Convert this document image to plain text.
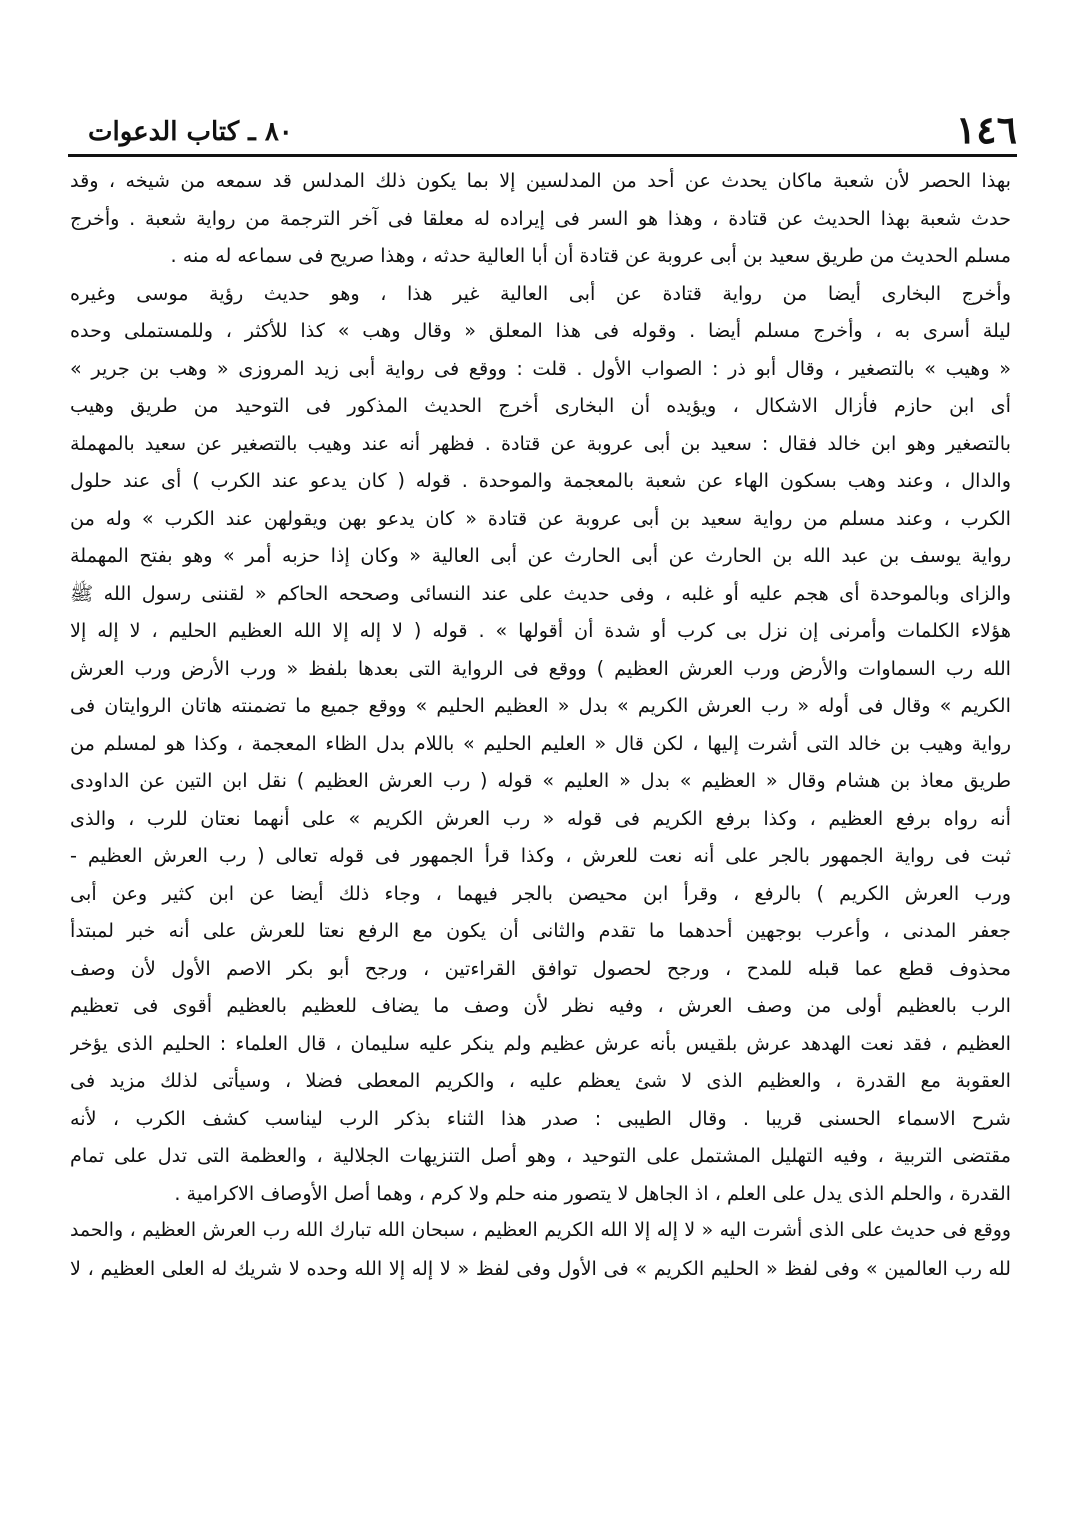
١٤٦
٨٠ ـ كتاب الدعوات
بهذا الحصر لأن شعبة ماكان يحدث عن أحد من المدلسين إلا بما يكون ذلك المدلس قد سمعه من شيخه ، وقد
حدث شعبة بهذا الحديث عن قتادة ، وهذا هو السر فى إيراده له معلقا فى آخر الترجمة من رواية شعبة . وأخرج
مسلم الحديث من طريق سعيد بن أبى عروبة عن قتادة أن أبا العالية حدثه ، وهذا صريح فى سماعه له منه .
وأخرج البخارى أيضا من رواية قتادة عن أبى العالية غير هذا ، وهو حديث رؤية موسى وغيره
ليلة أسرى به ، وأخرج مسلم أيضا . وقوله فى هذا المعلق « وقال وهب » كذا للأكثر ، وللمستملى وحده
« وهيب » بالتصغير ، وقال أبو ذر : الصواب الأول . قلت : ووقع فى رواية أبى زيد المروزى « وهب بن جرير »
أى ابن حازم فأزال الاشكال ، ويؤيده أن البخارى أخرج الحديث المذكور فى التوحيد من طريق وهيب
بالتصغير وهو ابن خالد فقال : سعيد بن أبى عروبة عن قتادة . فظهر أنه عند وهيب بالتصغير عن سعيد بالمهملة
والدال ، وعند وهب بسكون الهاء عن شعبة بالمعجمة والموحدة . قوله ( كان يدعو عند الكرب ) أى عند حلول
الكرب ، وعند مسلم من رواية سعيد بن أبى عروبة عن قتادة « كان يدعو بهن ويقولهن عند الكرب » وله من
رواية يوسف بن عبد الله بن الحارث عن أبى الحارث عن أبى العالية « وكان إذا حزبه أمر » وهو بفتح المهملة
والزاى وبالموحدة أى هجم عليه أو غلبه ، وفى حديث على عند النسائى وصححه الحاكم « لقننى رسول الله ﷺ
هؤلاء الكلمات وأمرنى إن نزل بى كرب أو شدة أن أقولها » . قوله ( لا إله إلا الله العظيم الحليم ، لا إله إلا
الله رب السماوات والأرض ورب العرش العظيم ) ووقع فى الرواية التى بعدها بلفظ « ورب الأرض ورب العرش
الكريم » وقال فى أوله « رب العرش الكريم » بدل « العظيم الحليم » ووقع جميع ما تضمنته هاتان الروايتان فى
رواية وهيب بن خالد التى أشرت إليها ، لكن قال « العليم الحليم » باللام بدل الظاء المعجمة ، وكذا هو لمسلم من
طريق معاذ بن هشام وقال « العظيم » بدل « العليم » قوله ( رب العرش العظيم ) نقل ابن التين عن الداودى
أنه رواه برفع العظيم ، وكذا برفع الكريم فى قوله « رب العرش الكريم » على أنهما نعتان للرب ، والذى
ثبت فى رواية الجمهور بالجر على أنه نعت للعرش ، وكذا قرأ الجمهور فى قوله تعالى ( رب العرش العظيم -
ورب العرش الكريم ) بالرفع ، وقرأ ابن محيصن بالجر فيهما ، وجاء ذلك أيضا عن ابن كثير وعن أبى
جعفر المدنى ، وأعرب بوجهين أحدهما ما تقدم والثانى أن يكون مع الرفع نعتا للعرش على أنه خبر لمبتدأ
محذوف قطع عما قبله للمدح ، ورجح لحصول توافق القراءتين ، ورجح أبو بكر الاصم الأول لأن وصف
الرب بالعظيم أولى من وصف العرش ، وفيه نظر لأن وصف ما يضاف للعظيم بالعظيم أقوى فى تعظيم
العظيم ، فقد نعت الهدهد عرش بلقيس بأنه عرش عظيم ولم ينكر عليه سليمان ، قال العلماء : الحليم الذى يؤخر
العقوبة مع القدرة ، والعظيم الذى لا شئ يعظم عليه ، والكريم المعطى فضلا ، وسيأتى لذلك مزيد فى
شرح الاسماء الحسنى قريبا . وقال الطيبى : صدر هذا الثناء بذكر الرب ليناسب كشف الكرب ، لأنه
مقتضى التربية ، وفيه التهليل المشتمل على التوحيد ، وهو أصل التنزيهات الجلالية ، والعظمة التى تدل على تمام
القدرة ، والحلم الذى يدل على العلم ، اذ الجاهل لا يتصور منه حلم ولا كرم ، وهما أصل الأوصاف الاكرامية .
ووقع فى حديث على الذى أشرت اليه « لا إله إلا الله الكريم العظيم ، سبحان الله تبارك الله رب العرش العظيم ، والحمد
لله رب العالمين » وفى لفظ « الحليم الكريم » فى الأول وفى لفظ « لا إله إلا الله وحده لا شريك له العلى العظيم ، لا
